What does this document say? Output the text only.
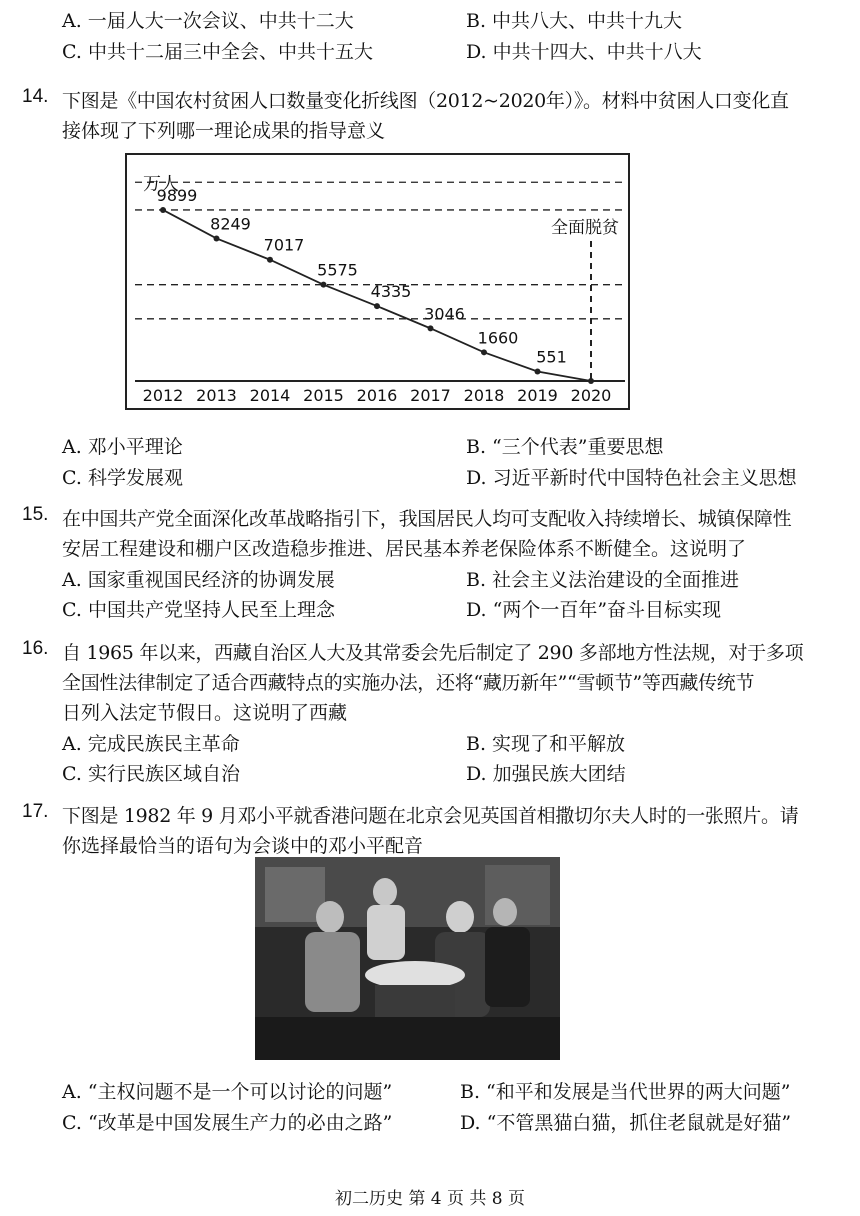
A. 一届人大一次会议、中共十二大	B. 中共八大、中共十九大
C. 中共十二届三中全会、中共十五大	D. 中共十四大、中共十八大
14. 下图是《中国农村贫困人口数量变化折线图（2012~2020年）》。材料中贫困人口变化直
接体现了下列哪一理论成果的指导意义
万人
全面脱贫
9899
8249
7017
5575
4335
3046
1660
551
2012 2013 2014 2015 2016 2017 2018 2019 2020
A. 邓小平理论	B. “三个代表”重要思想
C. 科学发展观	D. 习近平新时代中国特色社会主义思想
15. 在中国共产党全面深化改革战略指引下，我国居民人均可支配收入持续增长、城镇保障性
安居工程建设和棚户区改造稳步推进、居民基本养老保险体系不断健全。这说明了
A. 国家重视国民经济的协调发展	B. 社会主义法治建设的全面推进
C. 中国共产党坚持人民至上理念	D. “两个一百年”奋斗目标实现
16. 自 1965 年以来，西藏自治区人大及其常委会先后制定了 290 多部地方性法规，对于多项
全国性法律制定了适合西藏特点的实施办法，还将“藏历新年”“雪顿节”等西藏传统节
日列入法定节假日。这说明了西藏
A. 完成民族民主革命	B. 实现了和平解放
C. 实行民族区域自治	D. 加强民族大团结
17. 下图是 1982 年 9 月邓小平就香港问题在北京会见英国首相撒切尔夫人时的一张照片。请
你选择最恰当的语句为会谈中的邓小平配音
A. “主权问题不是一个可以讨论的问题”	B. “和平和发展是当代世界的两大问题”
C. “改革是中国发展生产力的必由之路”	D. “不管黑猫白猫，抓住老鼠就是好猫”
初二历史 第 4 页 共 8 页
